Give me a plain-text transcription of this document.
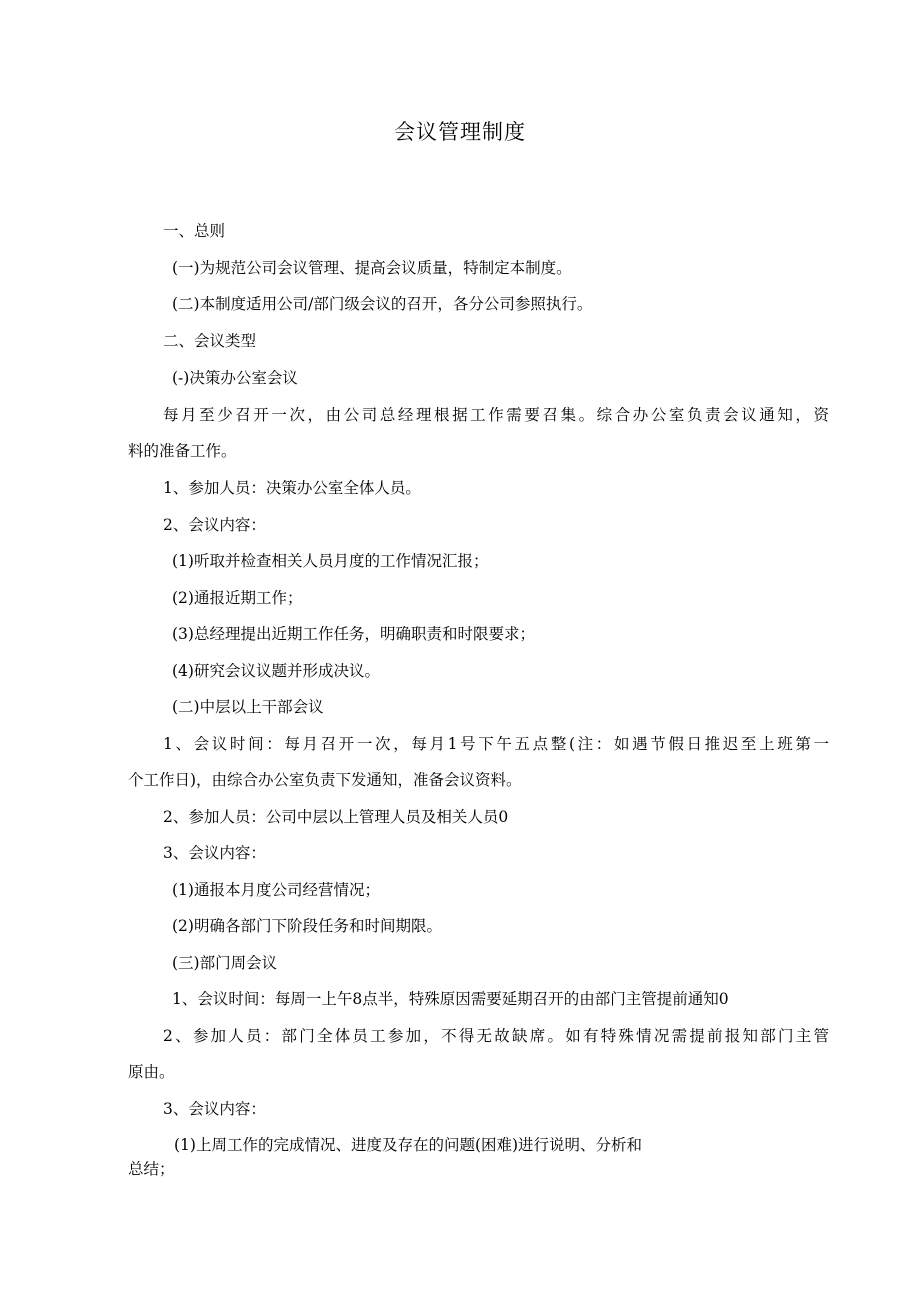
会议管理制度
一、总则
(一)为规范公司会议管理、提高会议质量，特制定本制度。
(二)本制度适用公司/部门级会议的召开，各分公司参照执行。
二、会议类型
(-)决策办公室会议
每月至少召开一次，由公司总经理根据工作需要召集。综合办公室负责会议通知，资
料的准备工作。
1、参加人员：决策办公室全体人员。
2、会议内容：
(1)听取并检查相关人员月度的工作情况汇报；
(2)通报近期工作；
(3)总经理提出近期工作任务，明确职责和时限要求；
(4)研究会议议题并形成决议。
(二)中层以上干部会议
1、会议时间：每月召开一次，每月1号下午五点整(注：如遇节假日推迟至上班第一
个工作日)，由综合办公室负责下发通知，准备会议资料。
2、参加人员：公司中层以上管理人员及相关人员0
3、会议内容：
(1)通报本月度公司经营情况；
(2)明确各部门下阶段任务和时间期限。
(三)部门周会议
1、会议时间：每周一上午8点半，特殊原因需要延期召开的由部门主管提前通知0
2、参加人员：部门全体员工参加，不得无故缺席。如有特殊情况需提前报知部门主管
原由。
3、会议内容：
(1)上周工作的完成情况、进度及存在的问题(困难)进行说明、分析和
总结；
